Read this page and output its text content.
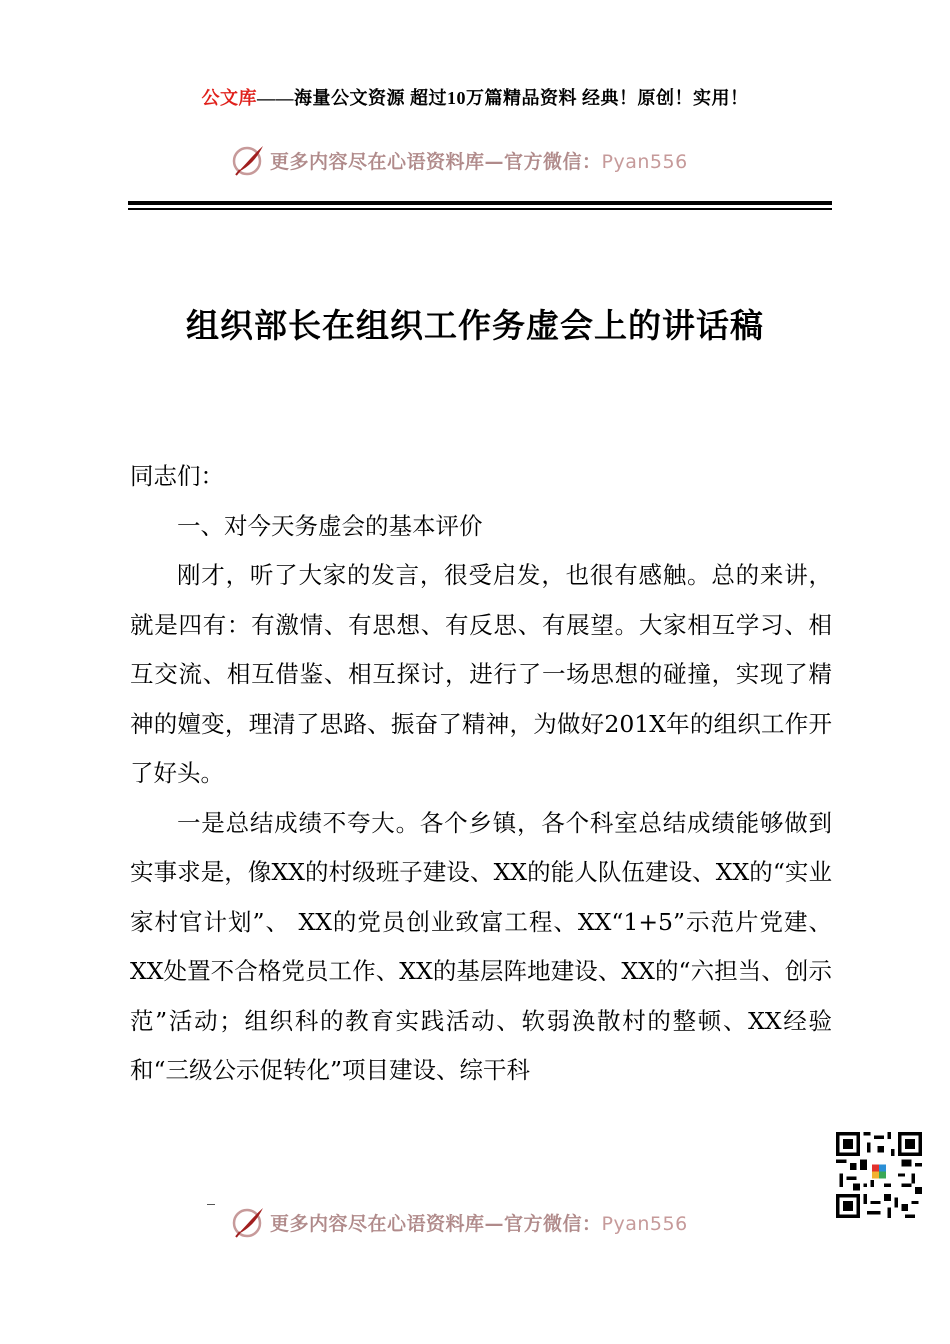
公文库——海量公文资源 超过10万篇精品资料 经典！原创！实用！
更多内容尽在心语资料库—官方微信：Pyan556
组织部长在组织工作务虚会上的讲话稿

同志们：

一、对今天务虚会的基本评价

刚才，听了大家的发言，很受启发，也很有感触。总的来讲，就是四有：有激情、有思想、有反思、有展望。大家相互学习、相互交流、相互借鉴、相互探讨，进行了一场思想的碰撞，实现了精神的嬗变，理清了思路、振奋了精神，为做好201X年的组织工作开了好头。

一是总结成绩不夸大。各个乡镇，各个科室总结成绩能够做到实事求是，像XX的村级班子建设、XX的能人队伍建设、XX的“实业家村官计划”、 XX的党员创业致富工程、XX“1+5”示范片党建、XX处置不合格党员工作、XX的基层阵地建设、XX的“六担当、创示范”活动；组织科的教育实践活动、软弱涣散村的整顿、XX经验和“三级公示促转化”项目建设、综干科

更多内容尽在心语资料库—官方微信：Pyan556
